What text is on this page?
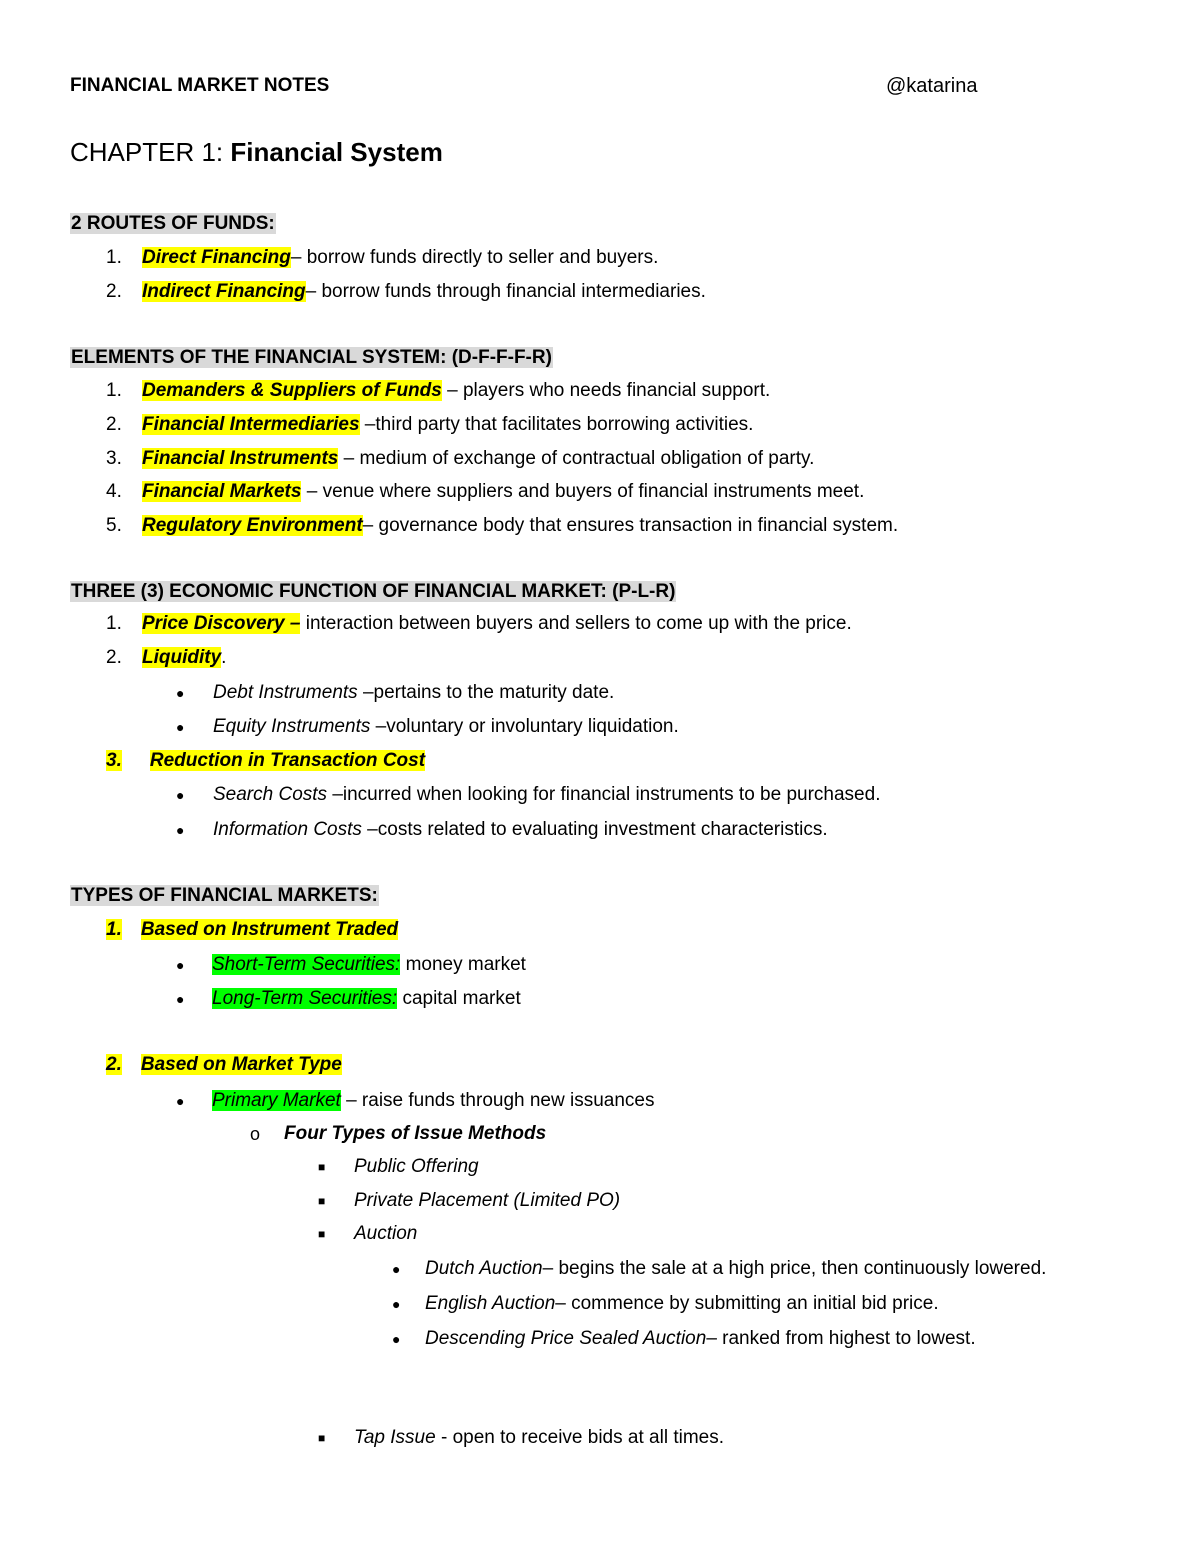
FINANCIAL MARKET NOTES	@katarina
CHAPTER 1: Financial System
2 ROUTES OF FUNDS:
1. Direct Financing– borrow funds directly to seller and buyers.
2. Indirect Financing– borrow funds through financial intermediaries.
ELEMENTS OF THE FINANCIAL SYSTEM: (D-F-F-F-R)
1. Demanders & Suppliers of Funds – players who needs financial support.
2. Financial Intermediaries –third party that facilitates borrowing activities.
3. Financial Instruments – medium of exchange of contractual obligation of party.
4. Financial Markets – venue where suppliers and buyers of financial instruments meet.
5. Regulatory Environment– governance body that ensures transaction in financial system.
THREE (3) ECONOMIC FUNCTION OF FINANCIAL MARKET: (P-L-R)
1. Price Discovery – interaction between buyers and sellers to come up with the price.
2. Liquidity.
● Debt Instruments –pertains to the maturity date.
● Equity Instruments –voluntary or involuntary liquidation.
3. Reduction in Transaction Cost
● Search Costs –incurred when looking for financial instruments to be purchased.
● Information Costs –costs related to evaluating investment characteristics.
TYPES OF FINANCIAL MARKETS:
1. Based on Instrument Traded
● Short-Term Securities: money market
● Long-Term Securities: capital market
2. Based on Market Type
● Primary Market – raise funds through new issuances
o Four Types of Issue Methods
■ Public Offering
■ Private Placement (Limited PO)
■ Auction
● Dutch Auction– begins the sale at a high price, then continuously lowered.
● English Auction– commence by submitting an initial bid price.
● Descending Price Sealed Auction– ranked from highest to lowest.
■ Tap Issue - open to receive bids at all times.
